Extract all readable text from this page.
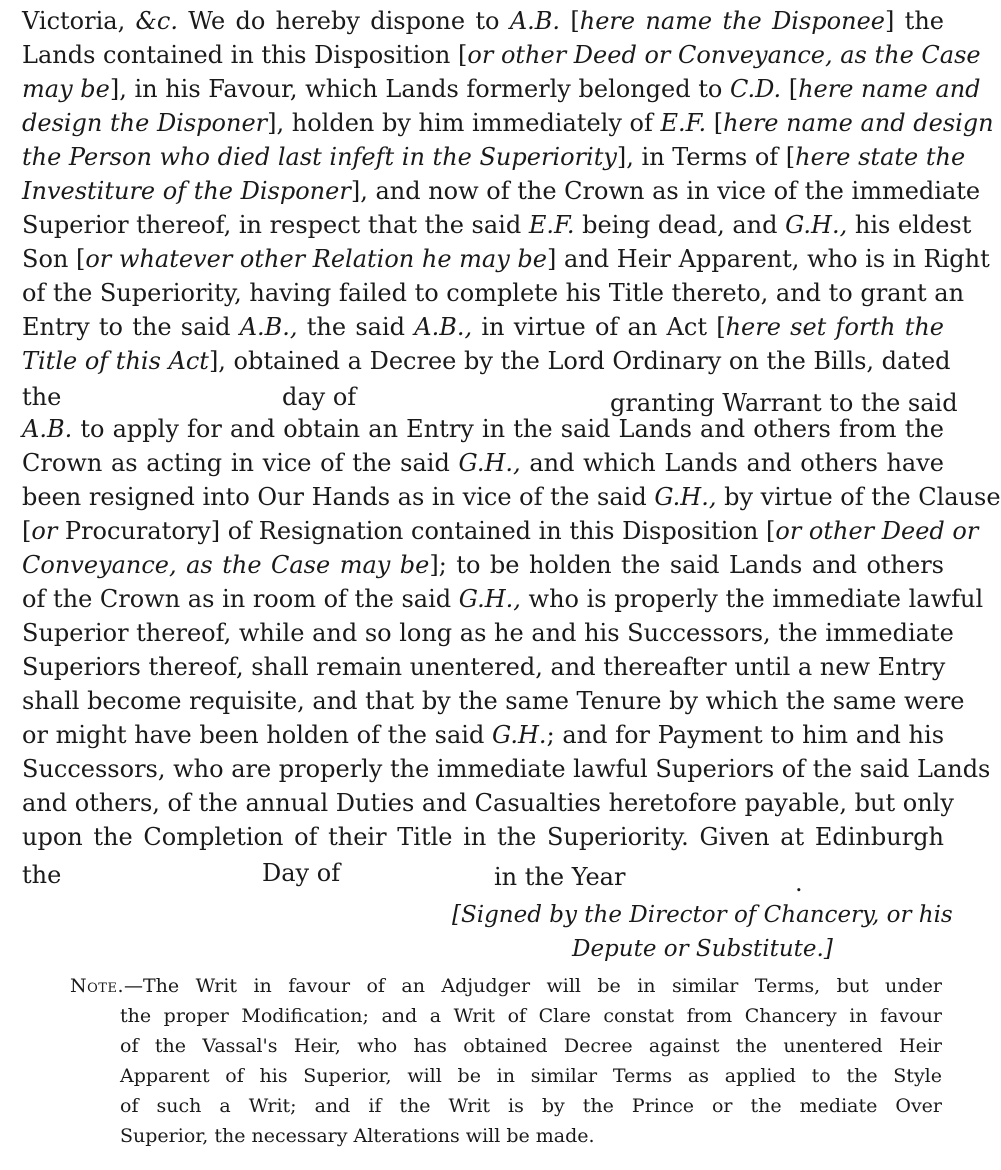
Victoria, &c. We do hereby dispone to A.B. [here name the Disponee] the
Lands contained in this Disposition [or other Deed or Conveyance, as the Case
may be], in his Favour, which Lands formerly belonged to C.D. [here name and
design the Disponer], holden by him immediately of E.F. [here name and design
the Person who died last infeft in the Superiority], in Terms of [here state the
Investiture of the Disponer], and now of the Crown as in vice of the immediate
Superior thereof, in respect that the said E.F. being dead, and G.H., his eldest
Son [or whatever other Relation he may be] and Heir Apparent, who is in Right
of the Superiority, having failed to complete his Title thereto, and to grant an
Entry to the said A.B., the said A.B., in virtue of an Act [here set forth the
Title of this Act], obtained a Decree by the Lord Ordinary on the Bills, dated
A.B. to apply for and obtain an Entry in the said Lands and others from the
Crown as acting in vice of the said G.H., and which Lands and others have
been resigned into Our Hands as in vice of the said G.H., by virtue of the Clause
[or Procuratory] of Resignation contained in this Disposition [or other Deed or
Conveyance, as the Case may be]; to be holden the said Lands and others
of the Crown as in room of the said G.H., who is properly the immediate lawful
Superior thereof, while and so long as he and his Successors, the immediate
Superiors thereof, shall remain unentered, and thereafter until a new Entry
shall become requisite, and that by the same Tenure by which the same were
or might have been holden of the said G.H.; and for Payment to him and his
Successors, who are properly the immediate lawful Superiors of the said Lands
and others, of the annual Duties and Casualties heretofore payable, but only
upon the Completion of their Title in the Superiority. Given at Edinburgh
the	day of	granting Warrant to the said
the	Day of	in the Year	.
[Signed by the Director of Chancery, or his
Depute or Substitute.]
Note.—The Writ in favour of an Adjudger will be in similar Terms, but under
the proper Modification; and a Writ of Clare constat from Chancery in favour
of the Vassal's Heir, who has obtained Decree against the unentered Heir
Apparent of his Superior, will be in similar Terms as applied to the Style
of such a Writ; and if the Writ is by the Prince or the mediate Over
Superior, the necessary Alterations will be made.
